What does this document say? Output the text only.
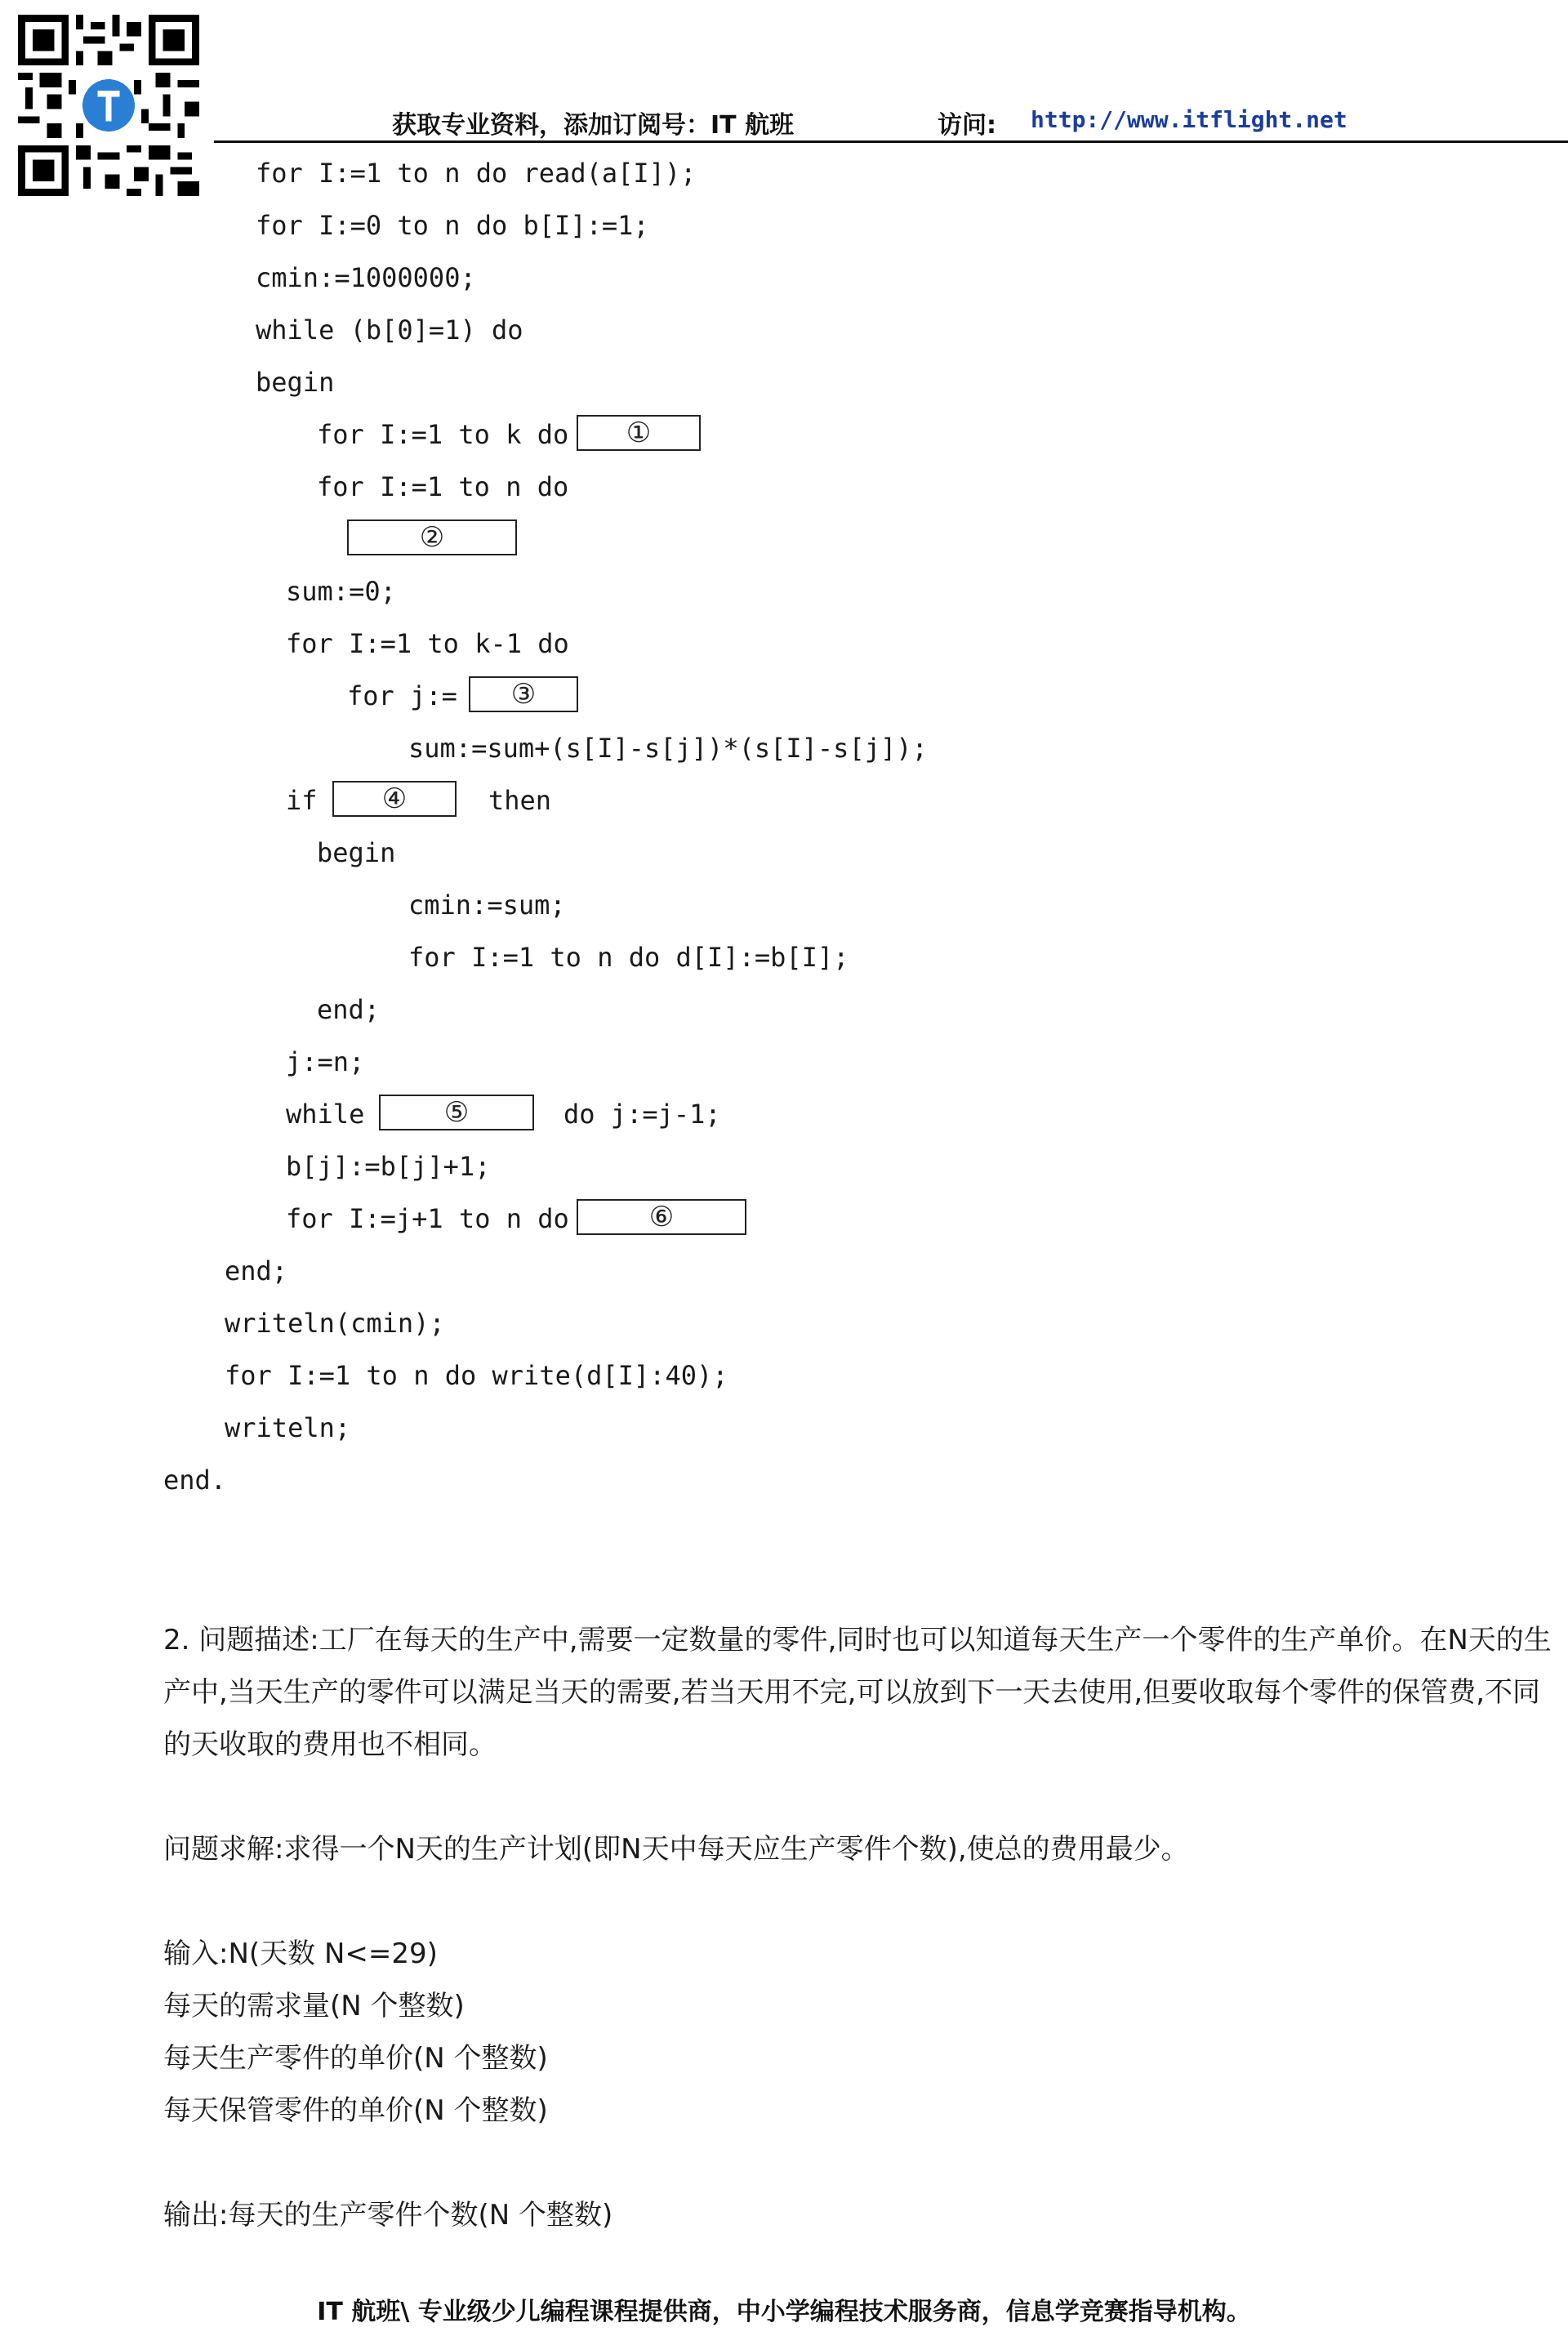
获取专业资料，添加订阅号：IT 航班	访问: http://www.itflight.net
for I:=1 to n do read(a[I]);
for I:=0 to n do b[I]:=1;
cmin:=1000000;
while (b[0]=1) do
begin
for I:=1 to k do	①
for I:=1 to n do
②
sum:=0;
for I:=1 to k-1 do
for j:=	③
sum:=sum+(s[I]-s[j])*(s[I]-s[j]);
if	④	then
begin
cmin:=sum;
for I:=1 to n do d[I]:=b[I];
end;
j:=n;
while	⑤	do j:=j-1;
b[j]:=b[j]+1;
for I:=j+1 to n do	⑥
end;
writeln(cmin);
for I:=1 to n do write(d[I]:40);
writeln;
end.

2. 问题描述:工厂在每天的生产中,需要一定数量的零件,同时也可以知道每天生产一个零件的生产单价。在N天的生产中,当天生产的零件可以满足当天的需要,若当天用不完,可以放到下一天去使用,但要收取每个零件的保管费,不同的天收取的费用也不相同。

问题求解:求得一个N天的生产计划(即N天中每天应生产零件个数),使总的费用最少。

输入:N(天数 N<=29)
每天的需求量(N 个整数)
每天生产零件的单价(N 个整数)
每天保管零件的单价(N 个整数)
输出:每天的生产零件个数(N 个整数)
IT 航班\ 专业级少儿编程课程提供商，中小学编程技术服务商，信息学竞赛指导机构。
